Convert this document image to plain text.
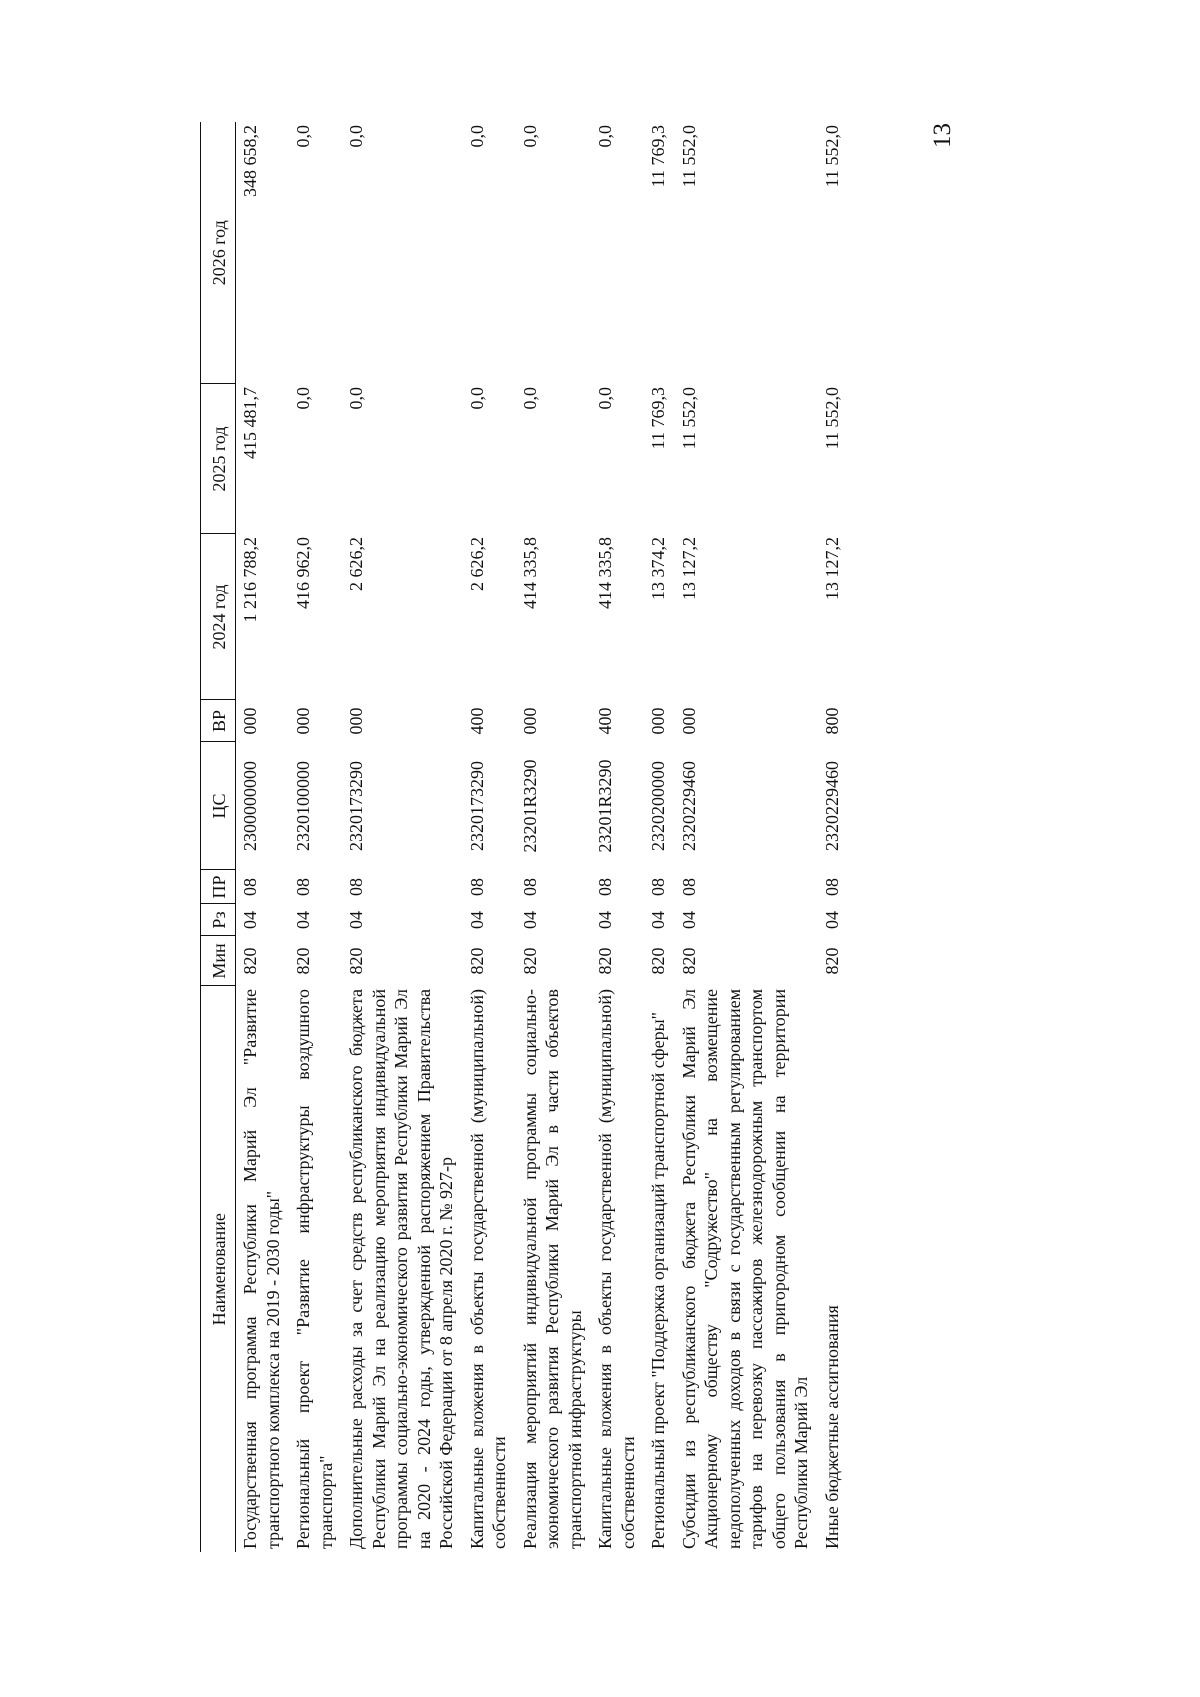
13
Наименование	Мин	Рз	ПР	ЦС	ВР	2024 год	2025 год	2026 год
Государственная программа Республики Марий Эл "Развитие транспортного комплекса на 2019 - 2030 годы"	820	04	08	2300000000	000	1 216 788,2	415 481,7	348 658,2
Региональный проект "Развитие инфраструктуры воздушного транспорта"	820	04	08	2320100000	000	416 962,0	0,0	0,0
Дополнительные расходы за счет средств республиканского бюджета Республики Марий Эл на реализацию мероприятия индивидуальной программы социально-экономического развития Республики Марий Эл на 2020 - 2024 годы, утвержденной распоряжением Правительства Российской Федерации от 8 апреля 2020 г. № 927-р	820	04	08	2320173290	000	2 626,2	0,0	0,0
Капитальные вложения в объекты государственной (муниципальной) собственности	820	04	08	2320173290	400	2 626,2	0,0	0,0
Реализация мероприятий индивидуальной программы социально-экономического развития Республики Марий Эл в части объектов транспортной инфраструктуры	820	04	08	23201R3290	000	414 335,8	0,0	0,0
Капитальные вложения в объекты государственной (муниципальной) собственности	820	04	08	23201R3290	400	414 335,8	0,0	0,0
Региональный проект "Поддержка организаций транспортной сферы"	820	04	08	2320200000	000	13 374,2	11 769,3	11 769,3
Субсидии из республиканского бюджета Республики Марий Эл Акционерному обществу "Содружество" на возмещение недополученных доходов в связи с государственным регулированием тарифов на перевозку пассажиров железнодорожным транспортом общего пользования в пригородном сообщении на территории Республики Марий Эл	820	04	08	2320229460	000	13 127,2	11 552,0	11 552,0
Иные бюджетные ассигнования	820	04	08	2320229460	800	13 127,2	11 552,0	11 552,0
